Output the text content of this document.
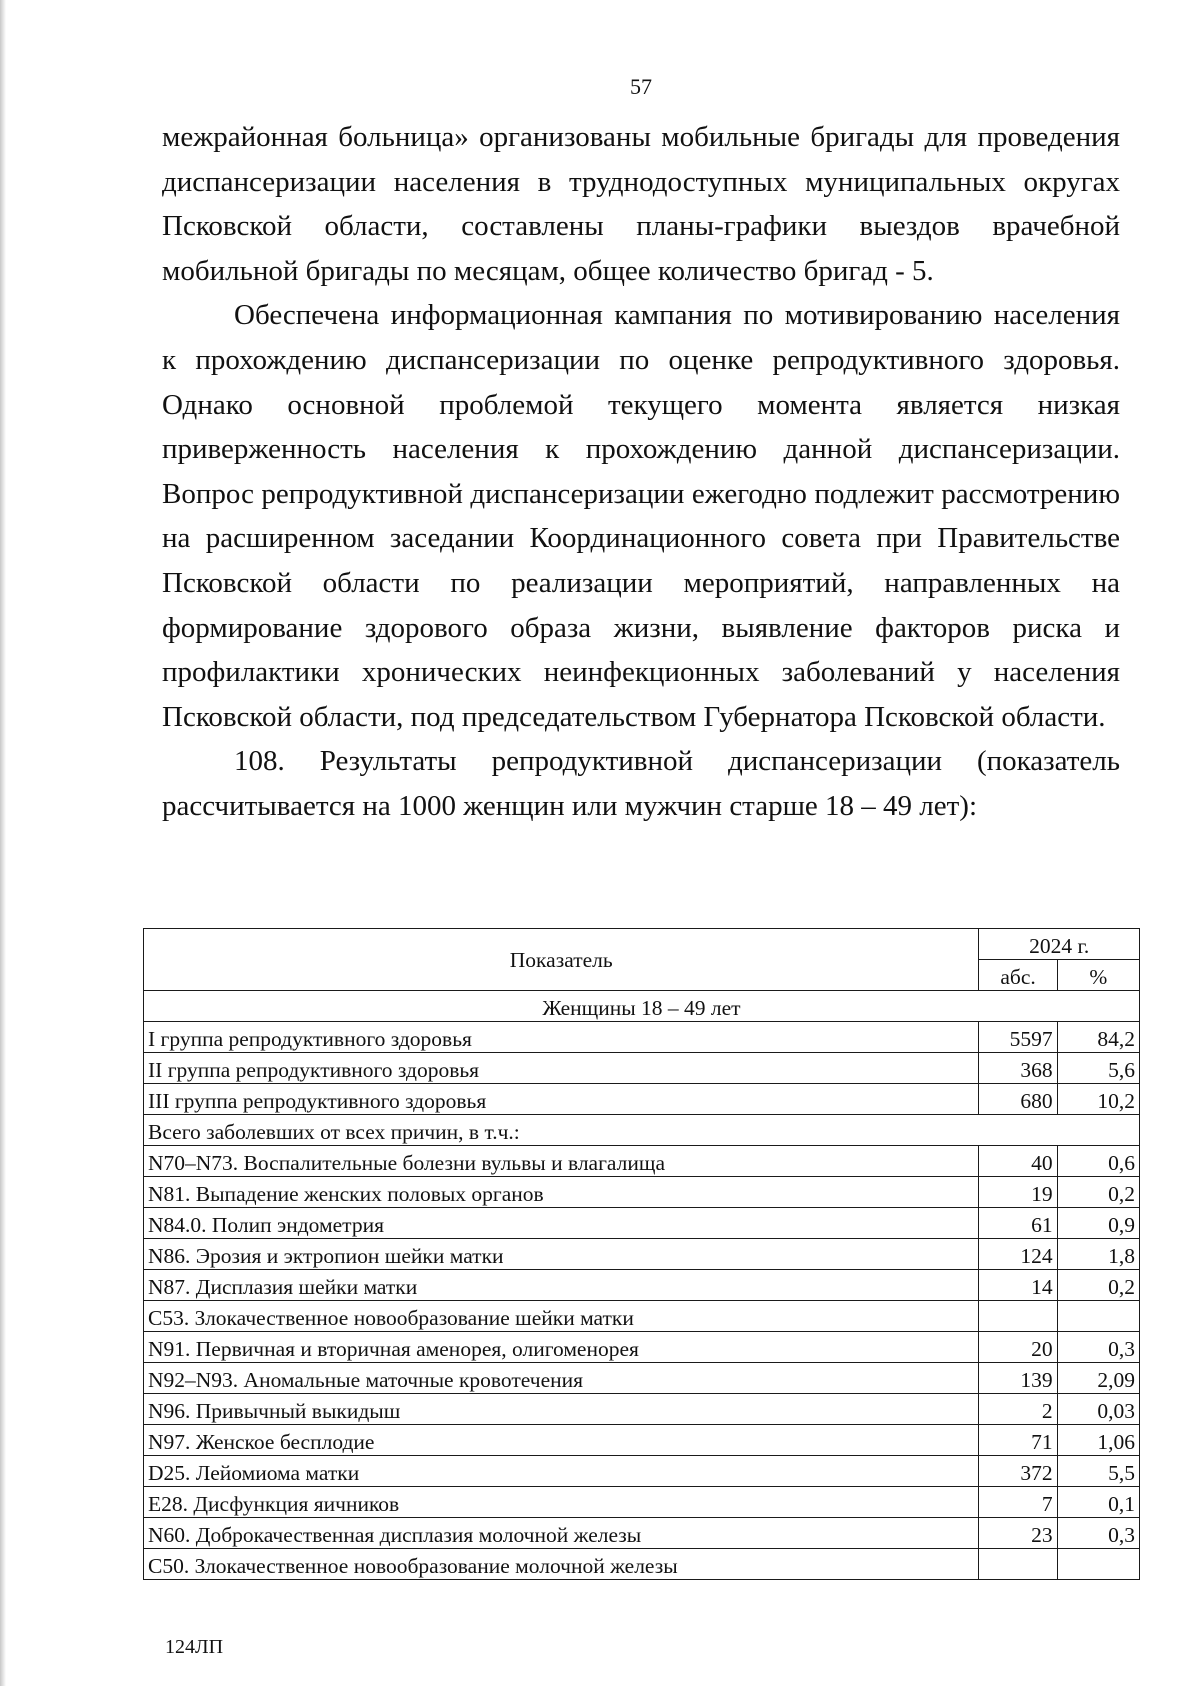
57

межрайонная больница» организованы мобильные бригады для проведения диспансеризации населения в труднодоступных муниципальных округах Псковской области, составлены планы-графики выездов врачебной мобильной бригады по месяцам, общее количество бригад - 5.

Обеспечена информационная кампания по мотивированию населения к прохождению диспансеризации по оценке репродуктивного здоровья. Однако основной проблемой текущего момента является низкая приверженность населения к прохождению данной диспансеризации. Вопрос репродуктивной диспансеризации ежегодно подлежит рассмотрению на расширенном заседании Координационного совета при Правительстве Псковской области по реализации мероприятий, направленных на формирование здорового образа жизни, выявление факторов риска и профилактики хронических неинфекционных заболеваний у населения Псковской области, под председательством Губернатора Псковской области.

108. Результаты репродуктивной диспансеризации (показатель рассчитывается на 1000 женщин или мужчин старше 18 – 49 лет):

Показатель	2024 г.	
	абс.	%
Женщины 18 – 49 лет		
I группа репродуктивного здоровья	5597	84,2
II группа репродуктивного здоровья	368	5,6
III группа репродуктивного здоровья	680	10,2
Всего заболевших от всех причин, в т.ч.:		
N70–N73. Воспалительные болезни вульвы и влагалища	40	0,6
N81. Выпадение женских половых органов	19	0,2
N84.0. Полип эндометрия	61	0,9
N86. Эрозия и эктропион шейки матки	124	1,8
N87. Дисплазия шейки матки	14	0,2
C53. Злокачественное новообразование шейки матки		
N91. Первичная и вторичная аменорея, олигоменорея	20	0,3
N92–N93. Аномальные маточные кровотечения	139	2,09
N96. Привычный выкидыш	2	0,03
N97. Женское бесплодие	71	1,06
D25. Лейомиома матки	372	5,5
E28. Дисфункция яичников	7	0,1
N60. Доброкачественная дисплазия молочной железы	23	0,3
C50. Злокачественное новообразование молочной железы		
124ЛП
